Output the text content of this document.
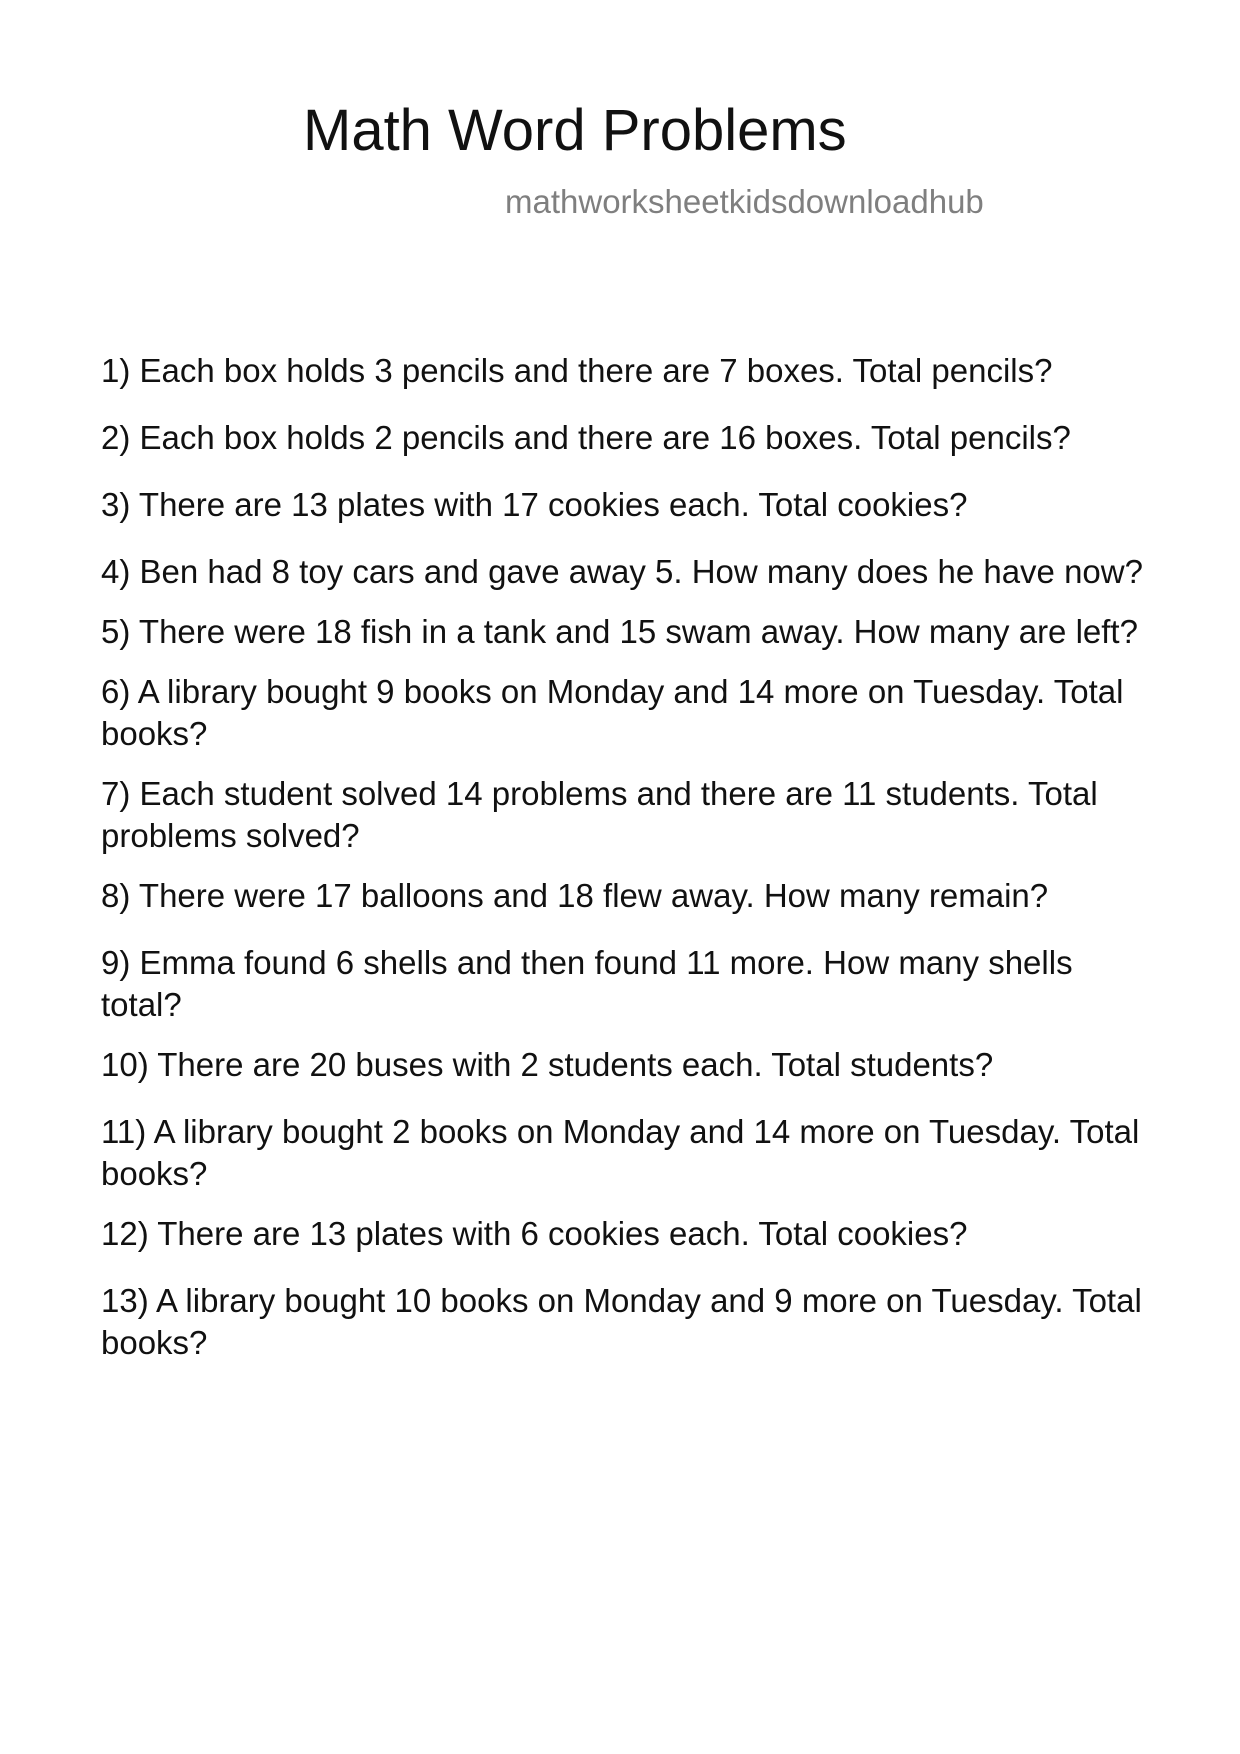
Math Word Problems
mathworksheetkidsdownloadhub
1) Each box holds 3 pencils and there are 7 boxes. Total pencils?
2) Each box holds 2 pencils and there are 16 boxes. Total pencils?
3) There are 13 plates with 17 cookies each. Total cookies?
4) Ben had 8 toy cars and gave away 5. How many does he have now?
5) There were 18 fish in a tank and 15 swam away. How many are left?
6) A library bought 9 books on Monday and 14 more on Tuesday. Total books?
7) Each student solved 14 problems and there are 11 students. Total problems solved?
8) There were 17 balloons and 18 flew away. How many remain?
9) Emma found 6 shells and then found 11 more. How many shells total?
10) There are 20 buses with 2 students each. Total students?
11) A library bought 2 books on Monday and 14 more on Tuesday. Total books?
12) There are 13 plates with 6 cookies each. Total cookies?
13) A library bought 10 books on Monday and 9 more on Tuesday. Total books?
